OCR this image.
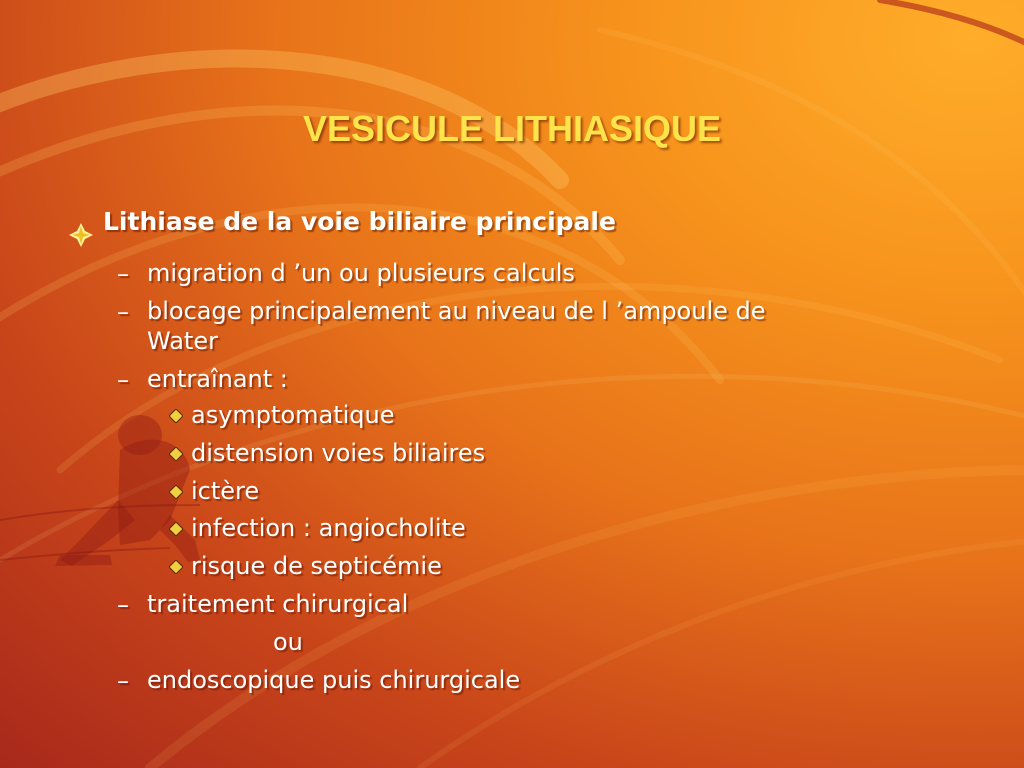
VESICULE LITHIASIQUE
Lithiase de la voie biliaire principale
– migration d ’un ou plusieurs calculs
– blocage principalement au niveau de l ’ampoule de
Water
– entraînant :
asymptomatique
distension voies biliaires
ictère
infection : angiocholite
risque de septicémie
– traitement chirurgical
ou
– endoscopique puis chirurgicale
